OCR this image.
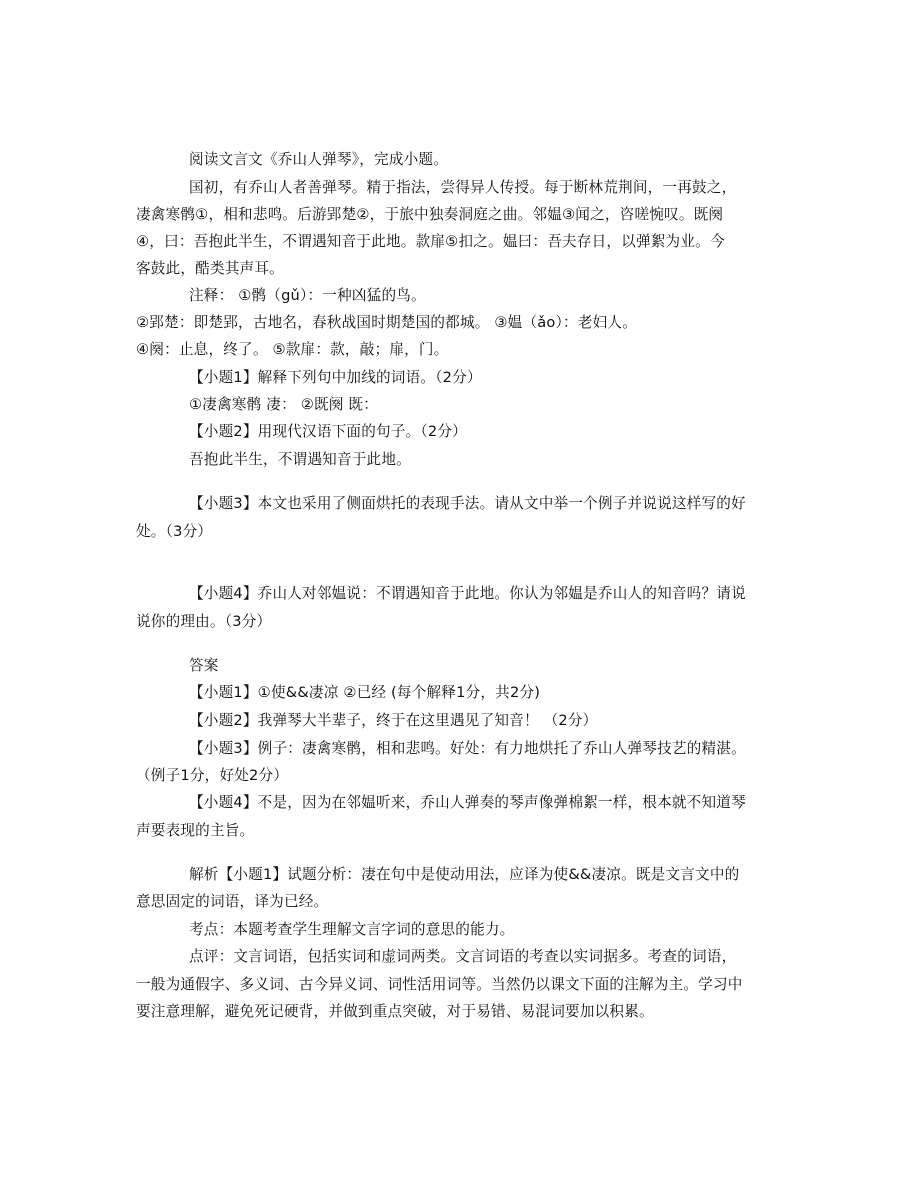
阅读文言文《乔山人弹琴》，完成小题。
国初，有乔山人者善弹琴。精于指法，尝得异人传授。每于断林荒荆间，一再鼓之，
凄禽寒鹘①，相和悲鸣。后游郢楚②，于旅中独奏洞庭之曲。邻媪③闻之，咨嗟惋叹。既阕
④，曰：吾抱此半生，不谓遇知音于此地。款扉⑤扣之。媪曰：吾夫存日，以弹絮为业。今
客鼓此，酷类其声耳。
注释： ①鹘（gǔ）：一种凶猛的鸟。
②郢楚：即楚郢，古地名，春秋战国时期楚国的都城。 ③媪（ǎo）：老妇人。
④阕：止息，终了。 ⑤款扉：款，敲；扉，门。
【小题1】解释下列句中加线的词语。（2分）
①凄禽寒鹘 凄： ②既阕 既：
【小题2】用现代汉语下面的句子。（2分）
吾抱此半生，不谓遇知音于此地。
【小题3】本文也采用了侧面烘托的表现手法。请从文中举一个例子并说说这样写的好
处。（3分）
【小题4】乔山人对邻媪说：不谓遇知音于此地。你认为邻媪是乔山人的知音吗？请说
说你的理由。（3分）
答案
【小题1】①使&&凄凉 ②已经 (每个解释1分，共2分)
【小题2】我弹琴大半辈子，终于在这里遇见了知音！ （2分）
【小题3】例子：凄禽寒鹘，相和悲鸣。好处：有力地烘托了乔山人弹琴技艺的精湛。
（例子1分，好处2分）
【小题4】不是，因为在邻媪听来，乔山人弹奏的琴声像弹棉絮一样，根本就不知道琴
声要表现的主旨。
解析【小题1】试题分析：凄在句中是使动用法，应译为使&&凄凉。既是文言文中的
意思固定的词语，译为已经。
考点：本题考查学生理解文言字词的意思的能力。
点评：文言词语，包括实词和虚词两类。文言词语的考查以实词据多。考查的词语，
一般为通假字、多义词、古今异义词、词性活用词等。当然仍以课文下面的注解为主。学习中
要注意理解，避免死记硬背，并做到重点突破，对于易错、易混词要加以积累。
